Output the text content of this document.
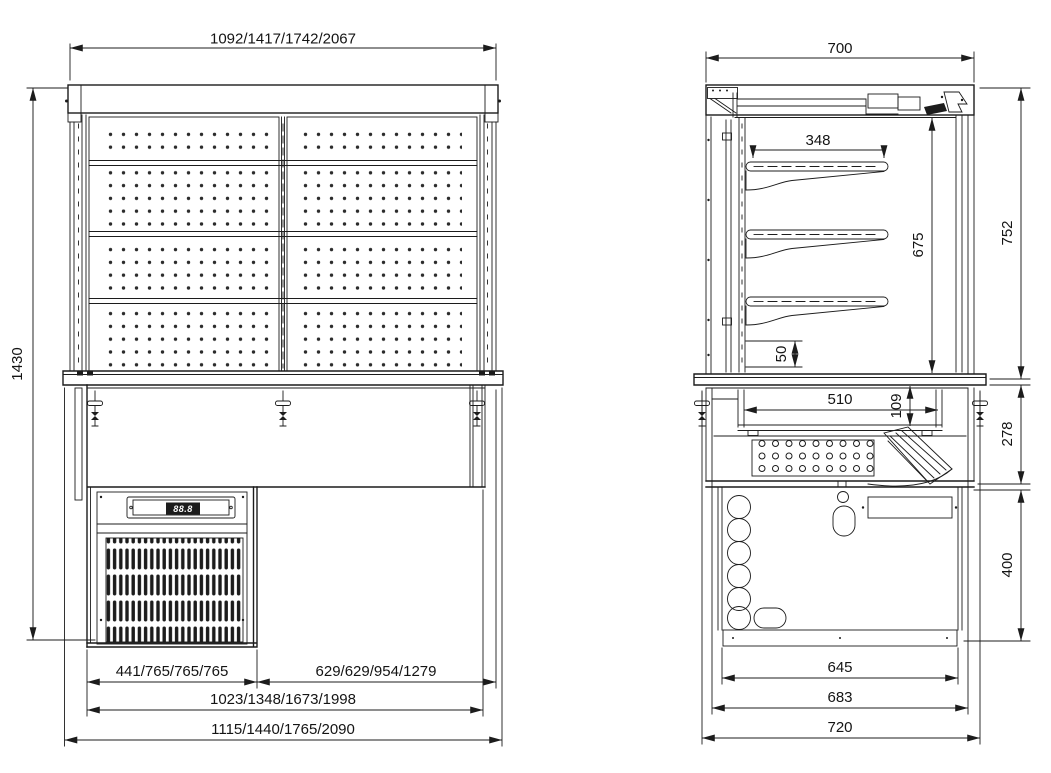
88.8
1092/1417/1742/2067
1430
441/765/765/765	629/629/954/1279
1023/1348/1673/1998
1115/1440/1765/2090
700
348
675	752
278
400
50
510 109
645
683
720
